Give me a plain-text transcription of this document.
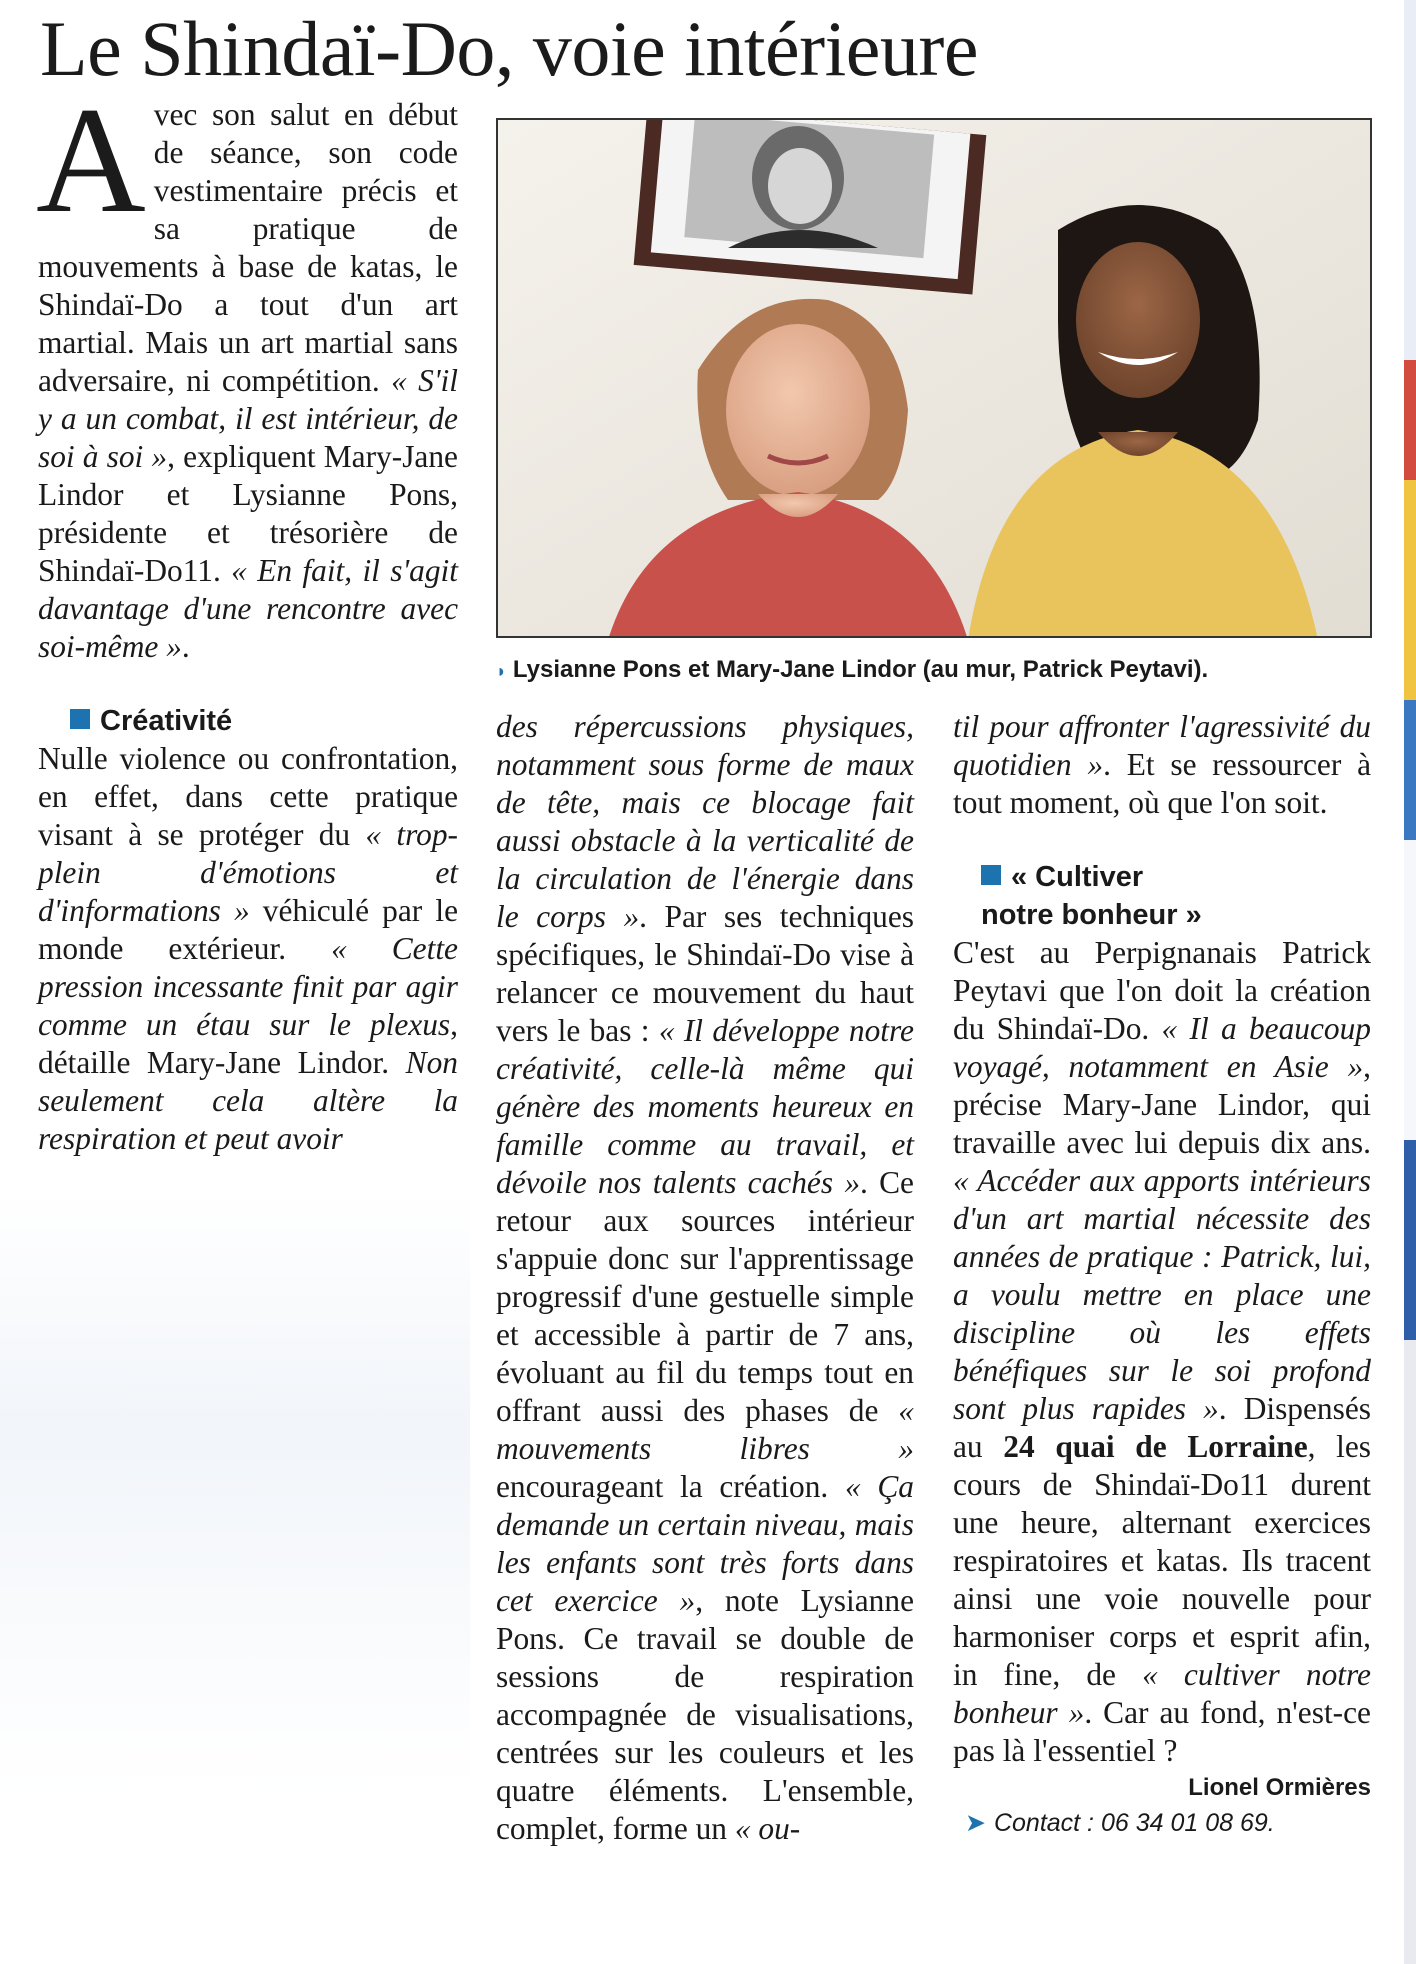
Le Shindaï-Do, voie intérieure

Avec son salut en début de séance, son code vestimentaire précis et sa pratique de mouvements à base de katas, le Shindaï-Do a tout d'un art martial. Mais un art martial sans adversaire, ni compétition. « S'il y a un combat, il est intérieur, de soi à soi », expliquent Mary-Jane Lindor et Lysianne Pons, présidente et trésorière de Shindaï-Do11. « En fait, il s'agit davantage d'une rencontre avec soi-même ».

Créativité

Nulle violence ou confrontation, en effet, dans cette pratique visant à se protéger du « trop-plein d'émotions et d'informations » véhiculé par le monde extérieur. « Cette pression incessante finit par agir comme un étau sur le plexus, détaille Mary-Jane Lindor. Non seulement cela altère la respiration et peut avoir

◗ Lysianne Pons et Mary-Jane Lindor (au mur, Patrick Peytavi).

des répercussions physiques, notamment sous forme de maux de tête, mais ce blocage fait aussi obstacle à la verticalité de la circulation de l'énergie dans le corps ». Par ses techniques spécifiques, le Shindaï-Do vise à relancer ce mouvement du haut vers le bas : « Il développe notre créativité, celle-là même qui génère des moments heureux en famille comme au travail, et dévoile nos talents cachés ». Ce retour aux sources intérieur s'appuie donc sur l'apprentissage progressif d'une gestuelle simple et accessible à partir de 7 ans, évoluant au fil du temps tout en offrant aussi des phases de « mouvements libres » encourageant la création. « Ça demande un certain niveau, mais les enfants sont très forts dans cet exercice », note Lysianne Pons. Ce travail se double de sessions de respiration accompagnée de visualisations, centrées sur les couleurs et les quatre éléments. L'ensemble, complet, forme un « ou-

til pour affronter l'agressivité du quotidien ». Et se ressourcer à tout moment, où que l'on soit.

« Cultiver
notre bonheur »

C'est au Perpignanais Patrick Peytavi que l'on doit la création du Shindaï-Do. « Il a beaucoup voyagé, notamment en Asie », précise Mary-Jane Lindor, qui travaille avec lui depuis dix ans. « Accéder aux apports intérieurs d'un art martial nécessite des années de pratique : Patrick, lui, a voulu mettre en place une discipline où les effets bénéfiques sur le soi profond sont plus rapides ». Dispensés au 24 quai de Lorraine, les cours de Shindaï-Do11 durent une heure, alternant exercices respiratoires et katas. Ils tracent ainsi une voie nouvelle pour harmoniser corps et esprit afin, in fine, de « cultiver notre bonheur ». Car au fond, n'est-ce pas là l'essentiel ?

Lionel Ormières

➤ Contact : 06 34 01 08 69.
